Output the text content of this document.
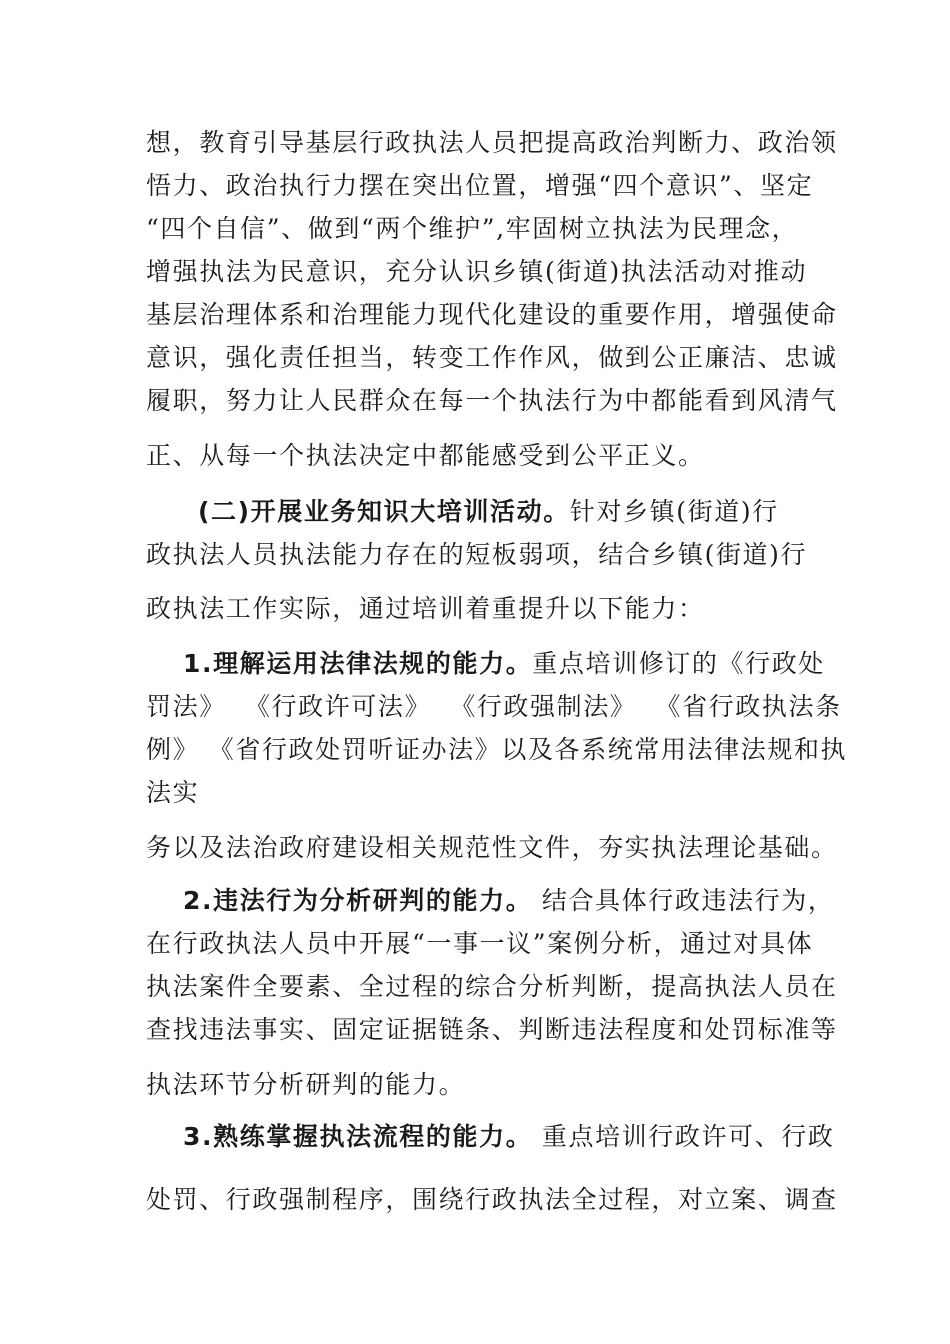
想，教育引导基层行政执法人员把提高政治判断力、政治领

悟力、政治执行力摆在突出位置，增强“四个意识”、坚定

“四个自信”、做到“两个维护”,牢固树立执法为民理念，

增强执法为民意识，充分认识乡镇(街道)执法活动对推动

基层治理体系和治理能力现代化建设的重要作用，增强使命

意识，强化责任担当，转变工作作风，做到公正廉洁、忠诚

履职，努力让人民群众在每一个执法行为中都能看到风清气

正、从每一个执法决定中都能感受到公平正义。

(二)开展业务知识大培训活动。针对乡镇(街道)行

政执法人员执法能力存在的短板弱项，结合乡镇(街道)行

政执法工作实际，通过培训着重提升以下能力：

1.理解运用法律法规的能力。重点培训修订的《行政处

罚法》  《行政许可法》  《行政强制法》  《省行政执法条

例》 《省行政处罚听证办法》以及各系统常用法律法规和执

法实

务以及法治政府建设相关规范性文件，夯实执法理论基础。

2.违法行为分析研判的能力。 结合具体行政违法行为，

在行政执法人员中开展“一事一议”案例分析，通过对具体

执法案件全要素、全过程的综合分析判断，提高执法人员在

查找违法事实、固定证据链条、判断违法程度和处罚标准等

执法环节分析研判的能力。

3.熟练掌握执法流程的能力。 重点培训行政许可、行政

处罚、行政强制程序，围绕行政执法全过程，对立案、调查
